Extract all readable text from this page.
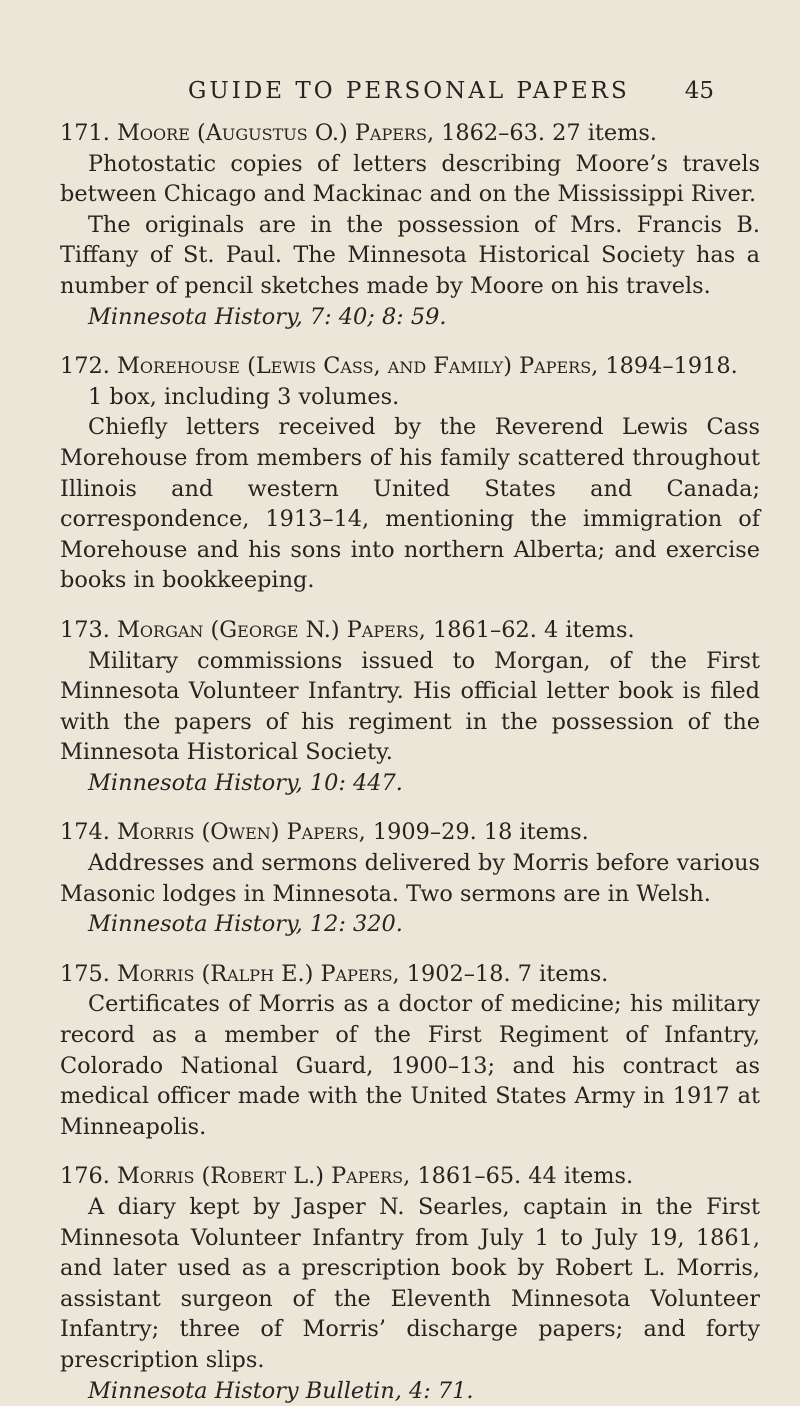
GUIDE TO PERSONAL PAPERS 45

171. Moore (Augustus O.) Papers, 1862–63. 27 items.

Photostatic copies of letters describing Moore’s travels between Chicago and Mackinac and on the Mississippi River.

The originals are in the possession of Mrs. Francis B. Tiffany of St. Paul. The Minnesota Historical Society has a number of pencil sketches made by Moore on his travels.

Minnesota History, 7: 40; 8: 59.

172. Morehouse (Lewis Cass, and Family) Papers, 1894–1918.

1 box, including 3 volumes.

Chiefly letters received by the Reverend Lewis Cass Morehouse from members of his family scattered throughout Illinois and western United States and Canada; correspondence, 1913–14, mentioning the immigration of Morehouse and his sons into northern Alberta; and exercise books in bookkeeping.

173. Morgan (George N.) Papers, 1861–62. 4 items.

Military commissions issued to Morgan, of the First Minnesota Volunteer Infantry. His official letter book is filed with the papers of his regiment in the possession of the Minnesota Historical Society.

Minnesota History, 10: 447.

174. Morris (Owen) Papers, 1909–29. 18 items.

Addresses and sermons delivered by Morris before various Masonic lodges in Minnesota. Two sermons are in Welsh.

Minnesota History, 12: 320.

175. Morris (Ralph E.) Papers, 1902–18. 7 items.

Certificates of Morris as a doctor of medicine; his military record as a member of the First Regiment of Infantry, Colorado National Guard, 1900–13; and his contract as medical officer made with the United States Army in 1917 at Minneapolis.

176. Morris (Robert L.) Papers, 1861–65. 44 items.

A diary kept by Jasper N. Searles, captain in the First Minnesota Volunteer Infantry from July 1 to July 19, 1861, and later used as a prescription book by Robert L. Morris, assistant surgeon of the Eleventh Minnesota Volunteer Infantry; three of Morris’ discharge papers; and forty prescription slips.

Minnesota History Bulletin, 4: 71.
